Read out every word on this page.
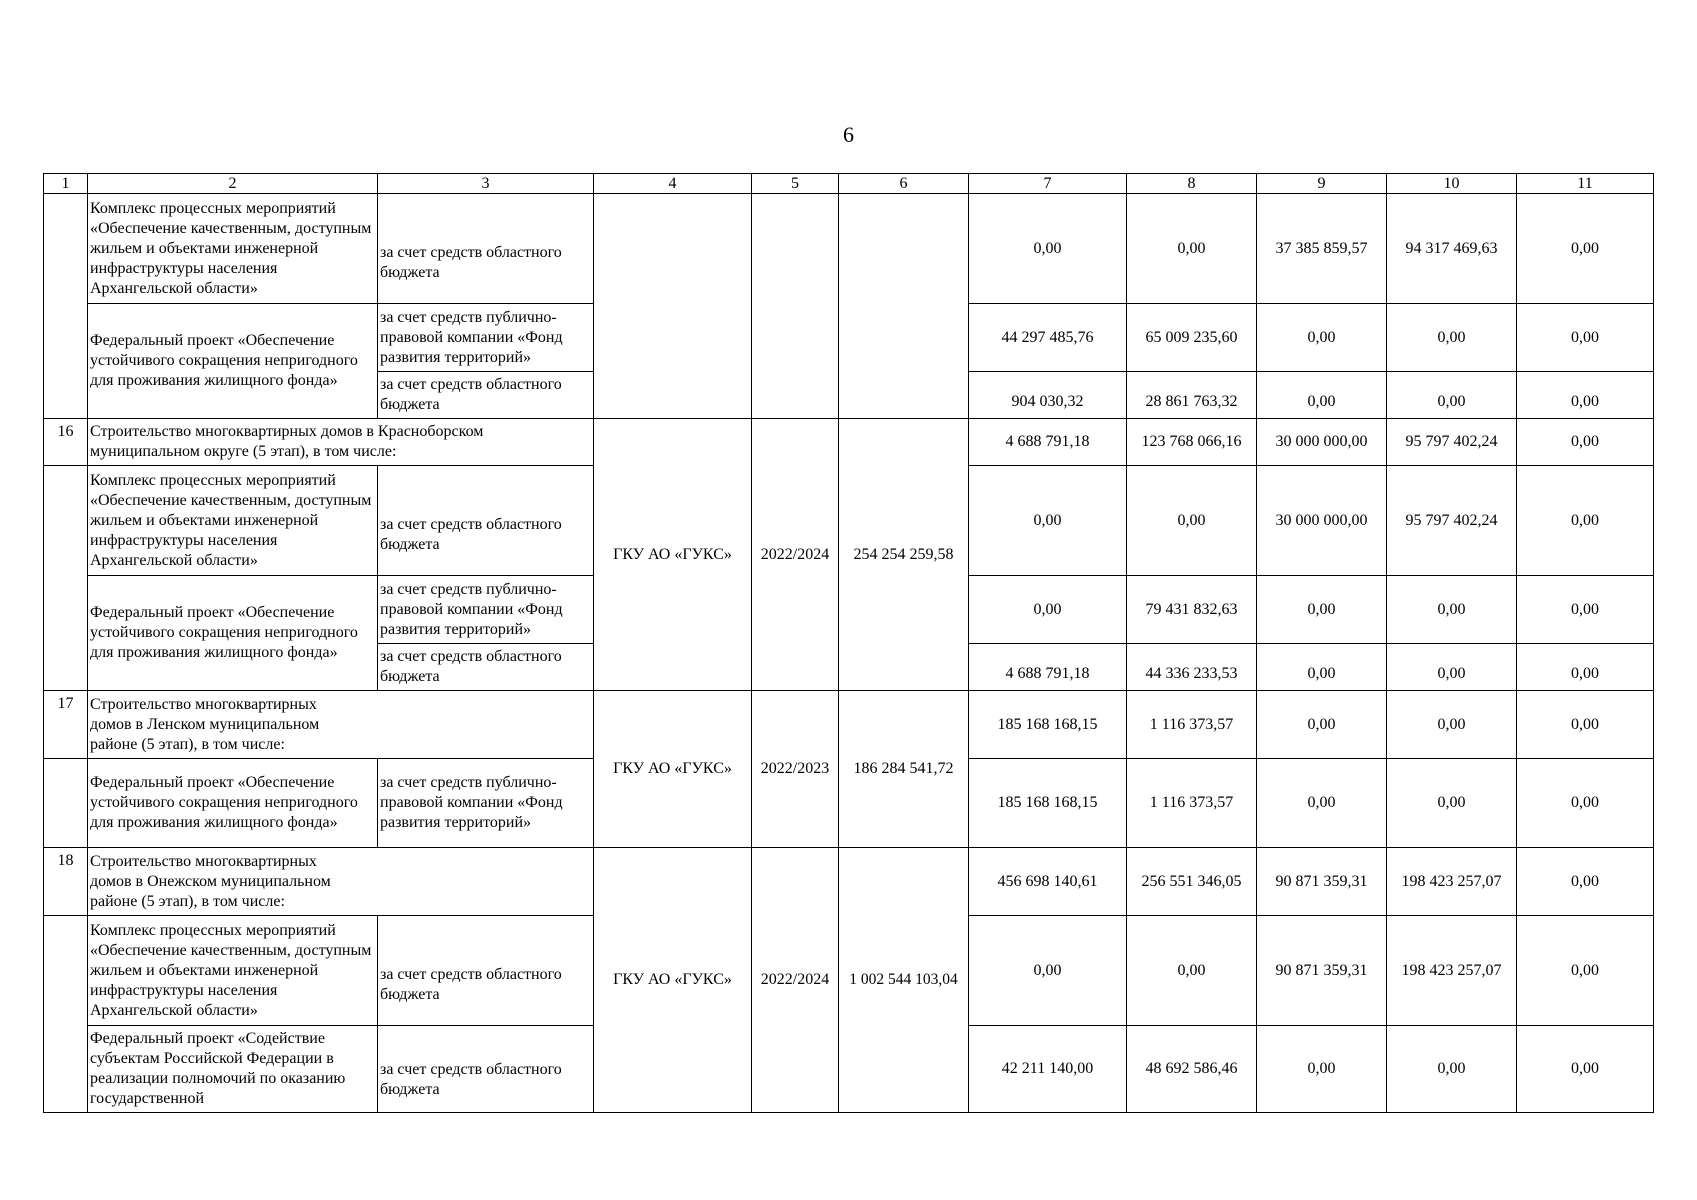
6
1	2	3	4	5	6	7	8	9	10	11
	Комплекс процессных мероприятий «Обеспечение качественным, доступным жильем и объектами инженерной инфраструктуры населения Архангельской области»	за счет средств областного бюджета				0,00	0,00	37 385 859,57	94 317 469,63	0,00
	Федеральный проект «Обеспечение устойчивого сокращения непригодного для проживания жилищного фонда»	за счет средств публично-правовой компании «Фонд развития территорий»				44 297 485,76	65 009 235,60	0,00	0,00	0,00
		за счет средств областного бюджета				904 030,32	28 861 763,32	0,00	0,00	0,00
16	Строительство многоквартирных домов в Красноборском муниципальном округе (5 этап), в том числе:		ГКУ АО «ГУКС»	2022/2024	254 254 259,58	4 688 791,18	123 768 066,16	30 000 000,00	95 797 402,24	0,00
	Комплекс процессных мероприятий «Обеспечение качественным, доступным жильем и объектами инженерной инфраструктуры населения Архангельской области»	за счет средств областного бюджета				0,00	0,00	30 000 000,00	95 797 402,24	0,00
	Федеральный проект «Обеспечение устойчивого сокращения непригодного для проживания жилищного фонда»	за счет средств публично-правовой компании «Фонд развития территорий»				0,00	79 431 832,63	0,00	0,00	0,00
		за счет средств областного бюджета				4 688 791,18	44 336 233,53	0,00	0,00	0,00
17	Строительство многоквартирных домов в Ленском муниципальном районе (5 этап), в том числе:		ГКУ АО «ГУКС»	2022/2023	186 284 541,72	185 168 168,15	1 116 373,57	0,00	0,00	0,00
	Федеральный проект «Обеспечение устойчивого сокращения непригодного для проживания жилищного фонда»	за счет средств публично-правовой компании «Фонд развития территорий»				185 168 168,15	1 116 373,57	0,00	0,00	0,00
18	Строительство многоквартирных домов в Онежском муниципальном районе (5 этап), в том числе:		ГКУ АО «ГУКС»	2022/2024	1 002 544 103,04	456 698 140,61	256 551 346,05	90 871 359,31	198 423 257,07	0,00
	Комплекс процессных мероприятий «Обеспечение качественным, доступным жильем и объектами инженерной инфраструктуры населения Архангельской области»	за счет средств областного бюджета				0,00	0,00	90 871 359,31	198 423 257,07	0,00
	Федеральный проект «Содействие субъектам Российской Федерации в реализации полномочий по оказанию государственной	за счет средств областного бюджета				42 211 140,00	48 692 586,46	0,00	0,00	0,00
